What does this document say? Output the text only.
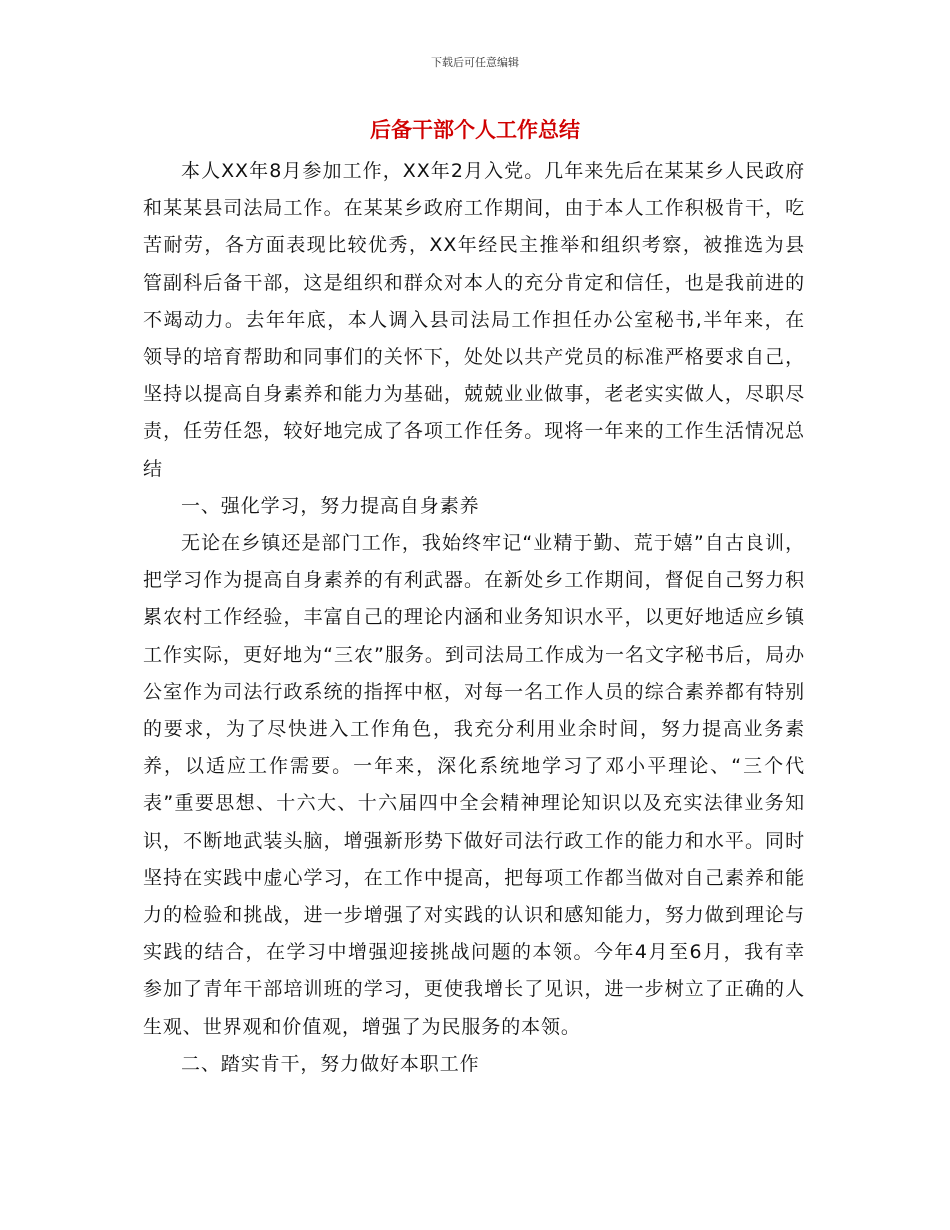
下载后可任意编辑
后备干部个人工作总结

本人XX年8月参加工作，XX年2月入党。几年来先后在某某乡人民政府和某某县司法局工作。在某某乡政府工作期间，由于本人工作积极肯干，吃苦耐劳，各方面表现比较优秀，XX年经民主推举和组织考察，被推选为县管副科后备干部，这是组织和群众对本人的充分肯定和信任，也是我前进的不竭动力。去年年底，本人调入县司法局工作担任办公室秘书,半年来，在领导的培育帮助和同事们的关怀下，处处以共产党员的标准严格要求自己，坚持以提高自身素养和能力为基础，兢兢业业做事，老老实实做人，尽职尽责，任劳任怨，较好地完成了各项工作任务。现将一年来的工作生活情况总结

一、强化学习，努力提高自身素养

无论在乡镇还是部门工作，我始终牢记“业精于勤、荒于嬉”自古良训，把学习作为提高自身素养的有利武器。在新处乡工作期间，督促自己努力积累农村工作经验，丰富自己的理论内涵和业务知识水平，以更好地适应乡镇工作实际，更好地为“三农”服务。到司法局工作成为一名文字秘书后，局办公室作为司法行政系统的指挥中枢，对每一名工作人员的综合素养都有特别的要求，为了尽快进入工作角色，我充分利用业余时间，努力提高业务素养，以适应工作需要。一年来，深化系统地学习了邓小平理论、“三个代表”重要思想、十六大、十六届四中全会精神理论知识以及充实法律业务知识，不断地武装头脑，增强新形势下做好司法行政工作的能力和水平。同时坚持在实践中虚心学习，在工作中提高，把每项工作都当做对自己素养和能力的检验和挑战，进一步增强了对实践的认识和感知能力，努力做到理论与实践的结合，在学习中增强迎接挑战问题的本领。今年4月至6月，我有幸参加了青年干部培训班的学习，更使我增长了见识，进一步树立了正确的人生观、世界观和价值观，增强了为民服务的本领。

二、踏实肯干，努力做好本职工作
